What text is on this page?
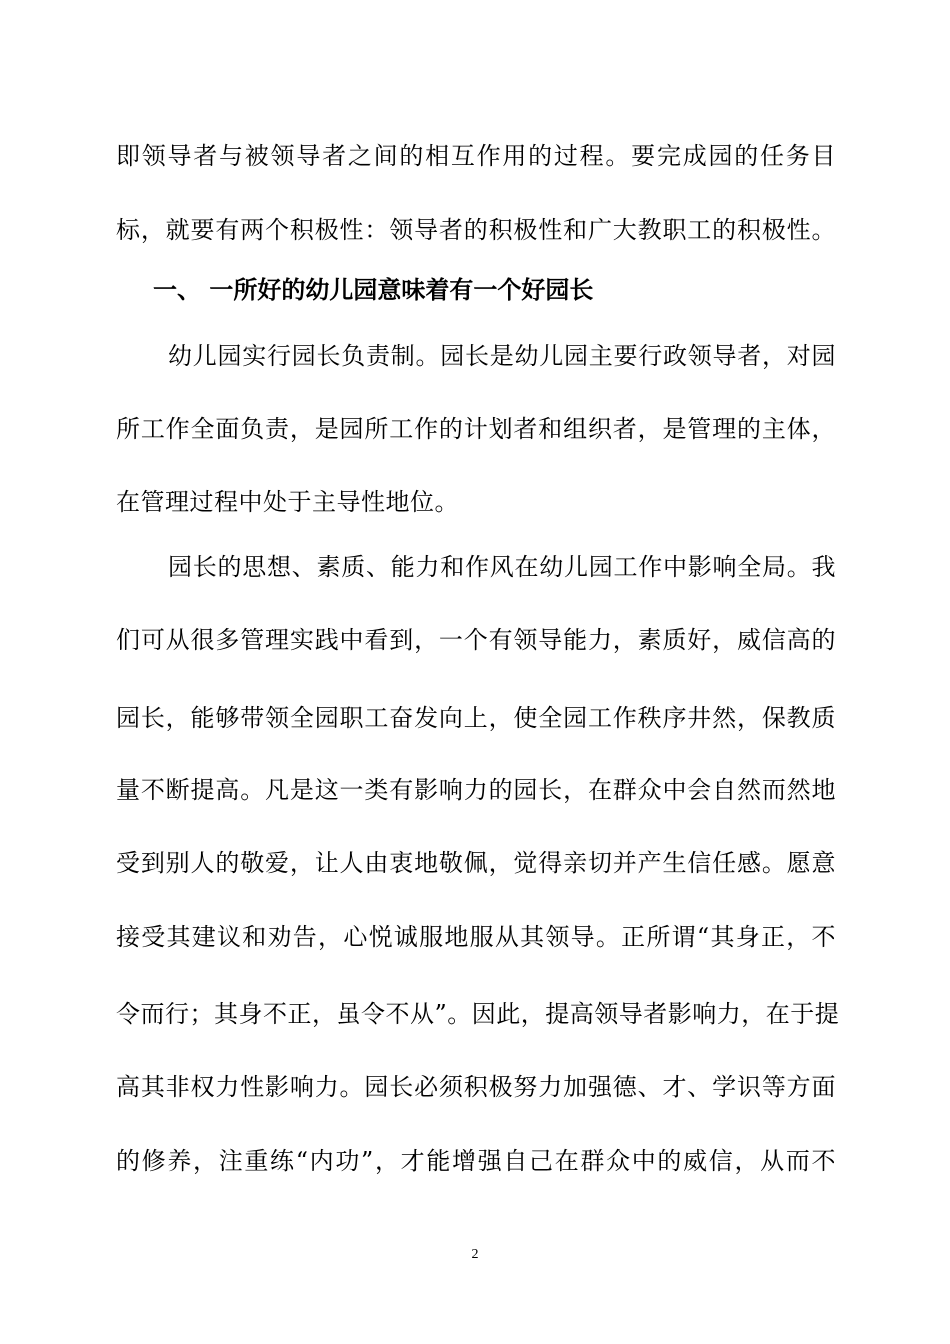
即领导者与被领导者之间的相互作用的过程。要完成园的任务目
标，就要有两个积极性：领导者的积极性和广大教职工的积极性。
一、 一所好的幼儿园意味着有一个好园长
幼儿园实行园长负责制。园长是幼儿园主要行政领导者，对园
所工作全面负责，是园所工作的计划者和组织者，是管理的主体，
在管理过程中处于主导性地位。
园长的思想、素质、能力和作风在幼儿园工作中影响全局。我
们可从很多管理实践中看到，一个有领导能力，素质好，威信高的
园长，能够带领全园职工奋发向上，使全园工作秩序井然，保教质
量不断提高。凡是这一类有影响力的园长，在群众中会自然而然地
受到别人的敬爱，让人由衷地敬佩，觉得亲切并产生信任感。愿意
接受其建议和劝告，心悦诚服地服从其领导。正所谓“其身正，不
令而行；其身不正，虽令不从”。因此，提高领导者影响力，在于提
高其非权力性影响力。园长必须积极努力加强德、才、学识等方面
的修养，注重练“内功”，才能增强自己在群众中的威信，从而不
2
